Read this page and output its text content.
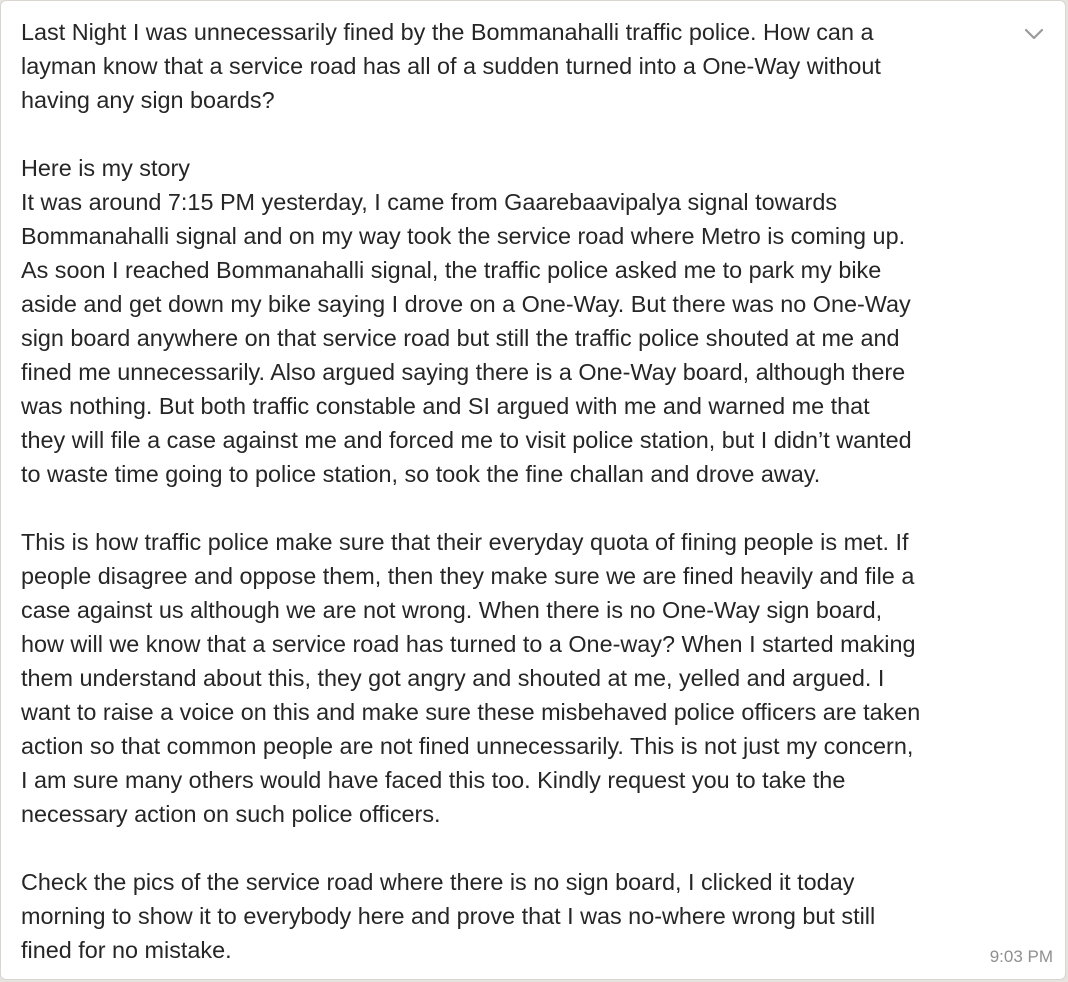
Last Night I was unnecessarily fined by the Bommanahalli traffic police. How can a
layman know that a service road has all of a sudden turned into a One-Way without
having any sign boards?

Here is my story
It was around 7:15 PM yesterday, I came from Gaarebaavipalya signal towards
Bommanahalli signal and on my way took the service road where Metro is coming up.
As soon I reached Bommanahalli signal, the traffic police asked me to park my bike
aside and get down my bike saying I drove on a One-Way. But there was no One-Way
sign board anywhere on that service road but still the traffic police shouted at me and
fined me unnecessarily. Also argued saying there is a One-Way board, although there
was nothing. But both traffic constable and SI argued with me and warned me that
they will file a case against me and forced me to visit police station, but I didn’t wanted
to waste time going to police station, so took the fine challan and drove away.

This is how traffic police make sure that their everyday quota of fining people is met. If
people disagree and oppose them, then they make sure we are fined heavily and file a
case against us although we are not wrong. When there is no One-Way sign board,
how will we know that a service road has turned to a One-way? When I started making
them understand about this, they got angry and shouted at me, yelled and argued. I
want to raise a voice on this and make sure these misbehaved police officers are taken
action so that common people are not fined unnecessarily. This is not just my concern,
I am sure many others would have faced this too. Kindly request you to take the
necessary action on such police officers.

Check the pics of the service road where there is no sign board, I clicked it today
morning to show it to everybody here and prove that I was no-where wrong but still
fined for no mistake.	9:03 PM
